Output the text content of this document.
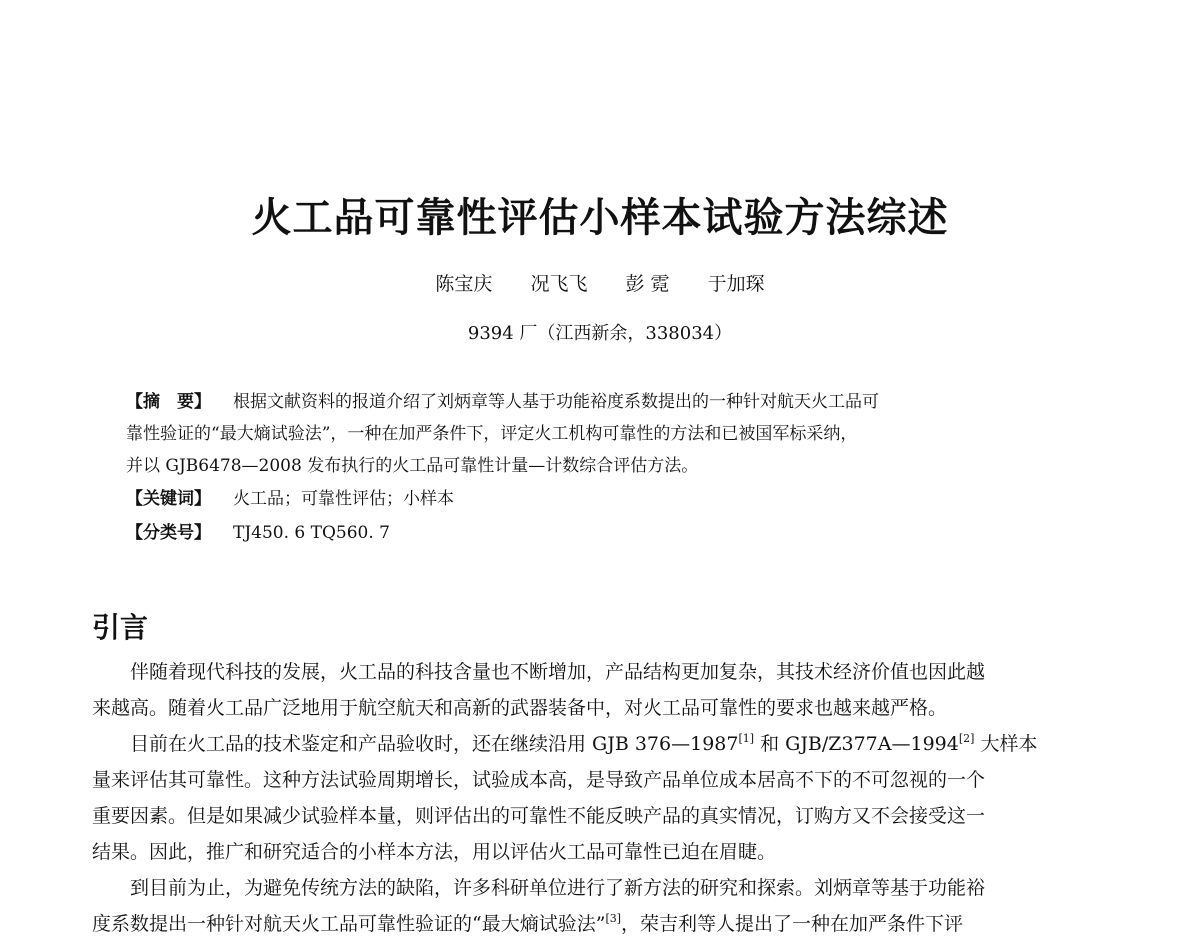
火工品可靠性评估小样本试验方法综述
陈宝庆 况飞飞 彭 霓 于加琛
9394 厂（江西新余，338034）
【摘　要】 根据文献资料的报道介绍了刘炳章等人基于功能裕度系数提出的一种针对航天火工品可
靠性验证的“最大熵试验法”，一种在加严条件下，评定火工机构可靠性的方法和已被国军标采纳，
并以 GJB6478—2008 发布执行的火工品可靠性计量—计数综合评估方法。
【关键词】 火工品；可靠性评估；小样本
【分类号】 TJ450. 6 TQ560. 7
引言
伴随着现代科技的发展，火工品的科技含量也不断增加，产品结构更加复杂，其技术经济价值也因此越
来越高。随着火工品广泛地用于航空航天和高新的武器装备中，对火工品可靠性的要求也越来越严格。
目前在火工品的技术鉴定和产品验收时，还在继续沿用 GJB 376—1987[1] 和 GJB/Z377A—1994[2] 大样本
量来评估其可靠性。这种方法试验周期增长，试验成本高，是导致产品单位成本居高不下的不可忽视的一个
重要因素。但是如果减少试验样本量，则评估出的可靠性不能反映产品的真实情况，订购方又不会接受这一
结果。因此，推广和研究适合的小样本方法，用以评估火工品可靠性已迫在眉睫。
到目前为止，为避免传统方法的缺陷，许多科研单位进行了新方法的研究和探索。刘炳章等基于功能裕
度系数提出一种针对航天火工品可靠性验证的“最大熵试验法”[3]，荣吉利等人提出了一种在加严条件下评
